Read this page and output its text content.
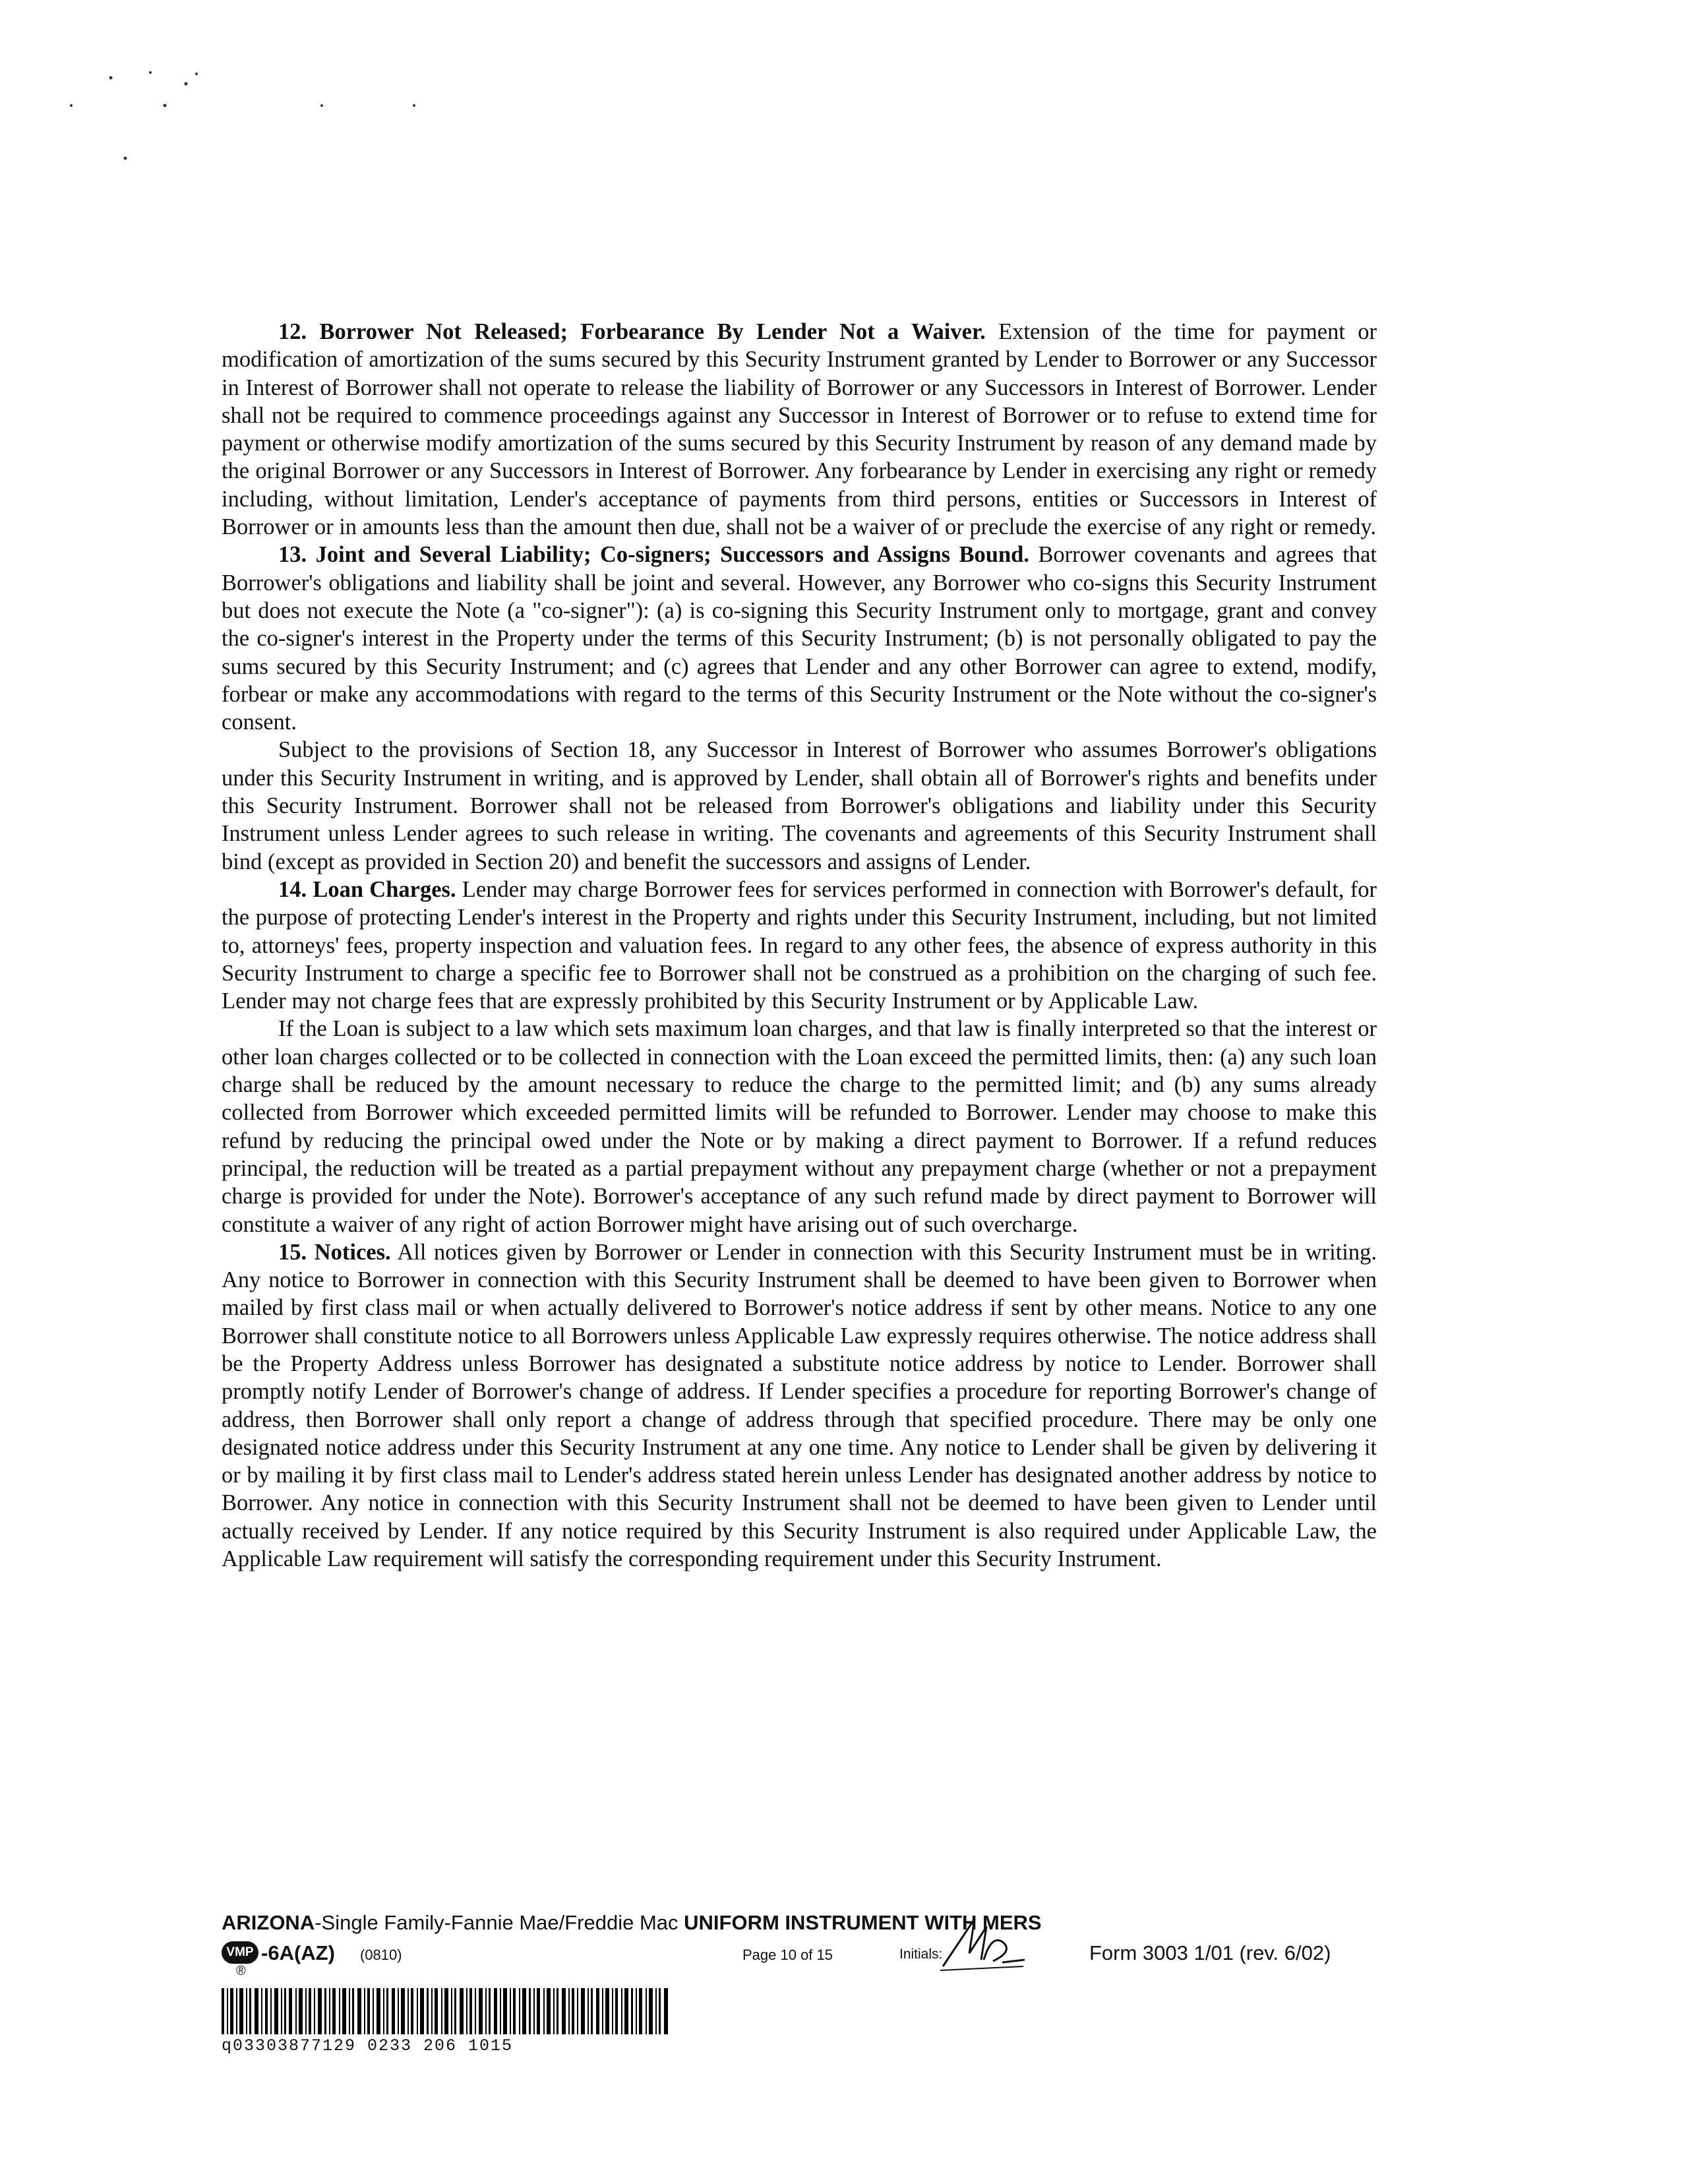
12. Borrower Not Released; Forbearance By Lender Not a Waiver. Extension of the time for payment or modification of amortization of the sums secured by this Security Instrument granted by Lender to Borrower or any Successor in Interest of Borrower shall not operate to release the liability of Borrower or any Successors in Interest of Borrower. Lender shall not be required to commence proceedings against any Successor in Interest of Borrower or to refuse to extend time for payment or otherwise modify amortization of the sums secured by this Security Instrument by reason of any demand made by the original Borrower or any Successors in Interest of Borrower. Any forbearance by Lender in exercising any right or remedy including, without limitation, Lender's acceptance of payments from third persons, entities or Successors in Interest of Borrower or in amounts less than the amount then due, shall not be a waiver of or preclude the exercise of any right or remedy.

13. Joint and Several Liability; Co-signers; Successors and Assigns Bound. Borrower covenants and agrees that Borrower's obligations and liability shall be joint and several. However, any Borrower who co-signs this Security Instrument but does not execute the Note (a "co-signer"): (a) is co-signing this Security Instrument only to mortgage, grant and convey the co-signer's interest in the Property under the terms of this Security Instrument; (b) is not personally obligated to pay the sums secured by this Security Instrument; and (c) agrees that Lender and any other Borrower can agree to extend, modify, forbear or make any accommodations with regard to the terms of this Security Instrument or the Note without the co-signer's consent.

Subject to the provisions of Section 18, any Successor in Interest of Borrower who assumes Borrower's obligations under this Security Instrument in writing, and is approved by Lender, shall obtain all of Borrower's rights and benefits under this Security Instrument. Borrower shall not be released from Borrower's obligations and liability under this Security Instrument unless Lender agrees to such release in writing. The covenants and agreements of this Security Instrument shall bind (except as provided in Section 20) and benefit the successors and assigns of Lender.

14. Loan Charges. Lender may charge Borrower fees for services performed in connection with Borrower's default, for the purpose of protecting Lender's interest in the Property and rights under this Security Instrument, including, but not limited to, attorneys' fees, property inspection and valuation fees. In regard to any other fees, the absence of express authority in this Security Instrument to charge a specific fee to Borrower shall not be construed as a prohibition on the charging of such fee. Lender may not charge fees that are expressly prohibited by this Security Instrument or by Applicable Law.

If the Loan is subject to a law which sets maximum loan charges, and that law is finally interpreted so that the interest or other loan charges collected or to be collected in connection with the Loan exceed the permitted limits, then: (a) any such loan charge shall be reduced by the amount necessary to reduce the charge to the permitted limit; and (b) any sums already collected from Borrower which exceeded permitted limits will be refunded to Borrower. Lender may choose to make this refund by reducing the principal owed under the Note or by making a direct payment to Borrower. If a refund reduces principal, the reduction will be treated as a partial prepayment without any prepayment charge (whether or not a prepayment charge is provided for under the Note). Borrower's acceptance of any such refund made by direct payment to Borrower will constitute a waiver of any right of action Borrower might have arising out of such overcharge.

15. Notices. All notices given by Borrower or Lender in connection with this Security Instrument must be in writing. Any notice to Borrower in connection with this Security Instrument shall be deemed to have been given to Borrower when mailed by first class mail or when actually delivered to Borrower's notice address if sent by other means. Notice to any one Borrower shall constitute notice to all Borrowers unless Applicable Law expressly requires otherwise. The notice address shall be the Property Address unless Borrower has designated a substitute notice address by notice to Lender. Borrower shall promptly notify Lender of Borrower's change of address. If Lender specifies a procedure for reporting Borrower's change of address, then Borrower shall only report a change of address through that specified procedure. There may be only one designated notice address under this Security Instrument at any one time. Any notice to Lender shall be given by delivering it or by mailing it by first class mail to Lender's address stated herein unless Lender has designated another address by notice to Borrower. Any notice in connection with this Security Instrument shall not be deemed to have been given to Lender until actually received by Lender. If any notice required by this Security Instrument is also required under Applicable Law, the Applicable Law requirement will satisfy the corresponding requirement under this Security Instrument.

ARIZONA-Single Family-Fannie Mae/Freddie Mac UNIFORM INSTRUMENT WITH MERS
VMP
®
-6A(AZ) (0810)	Page 10 of 15	Initials:	Form 3003 1/01 (rev. 6/02)
q03303877129 0233 206 1015
